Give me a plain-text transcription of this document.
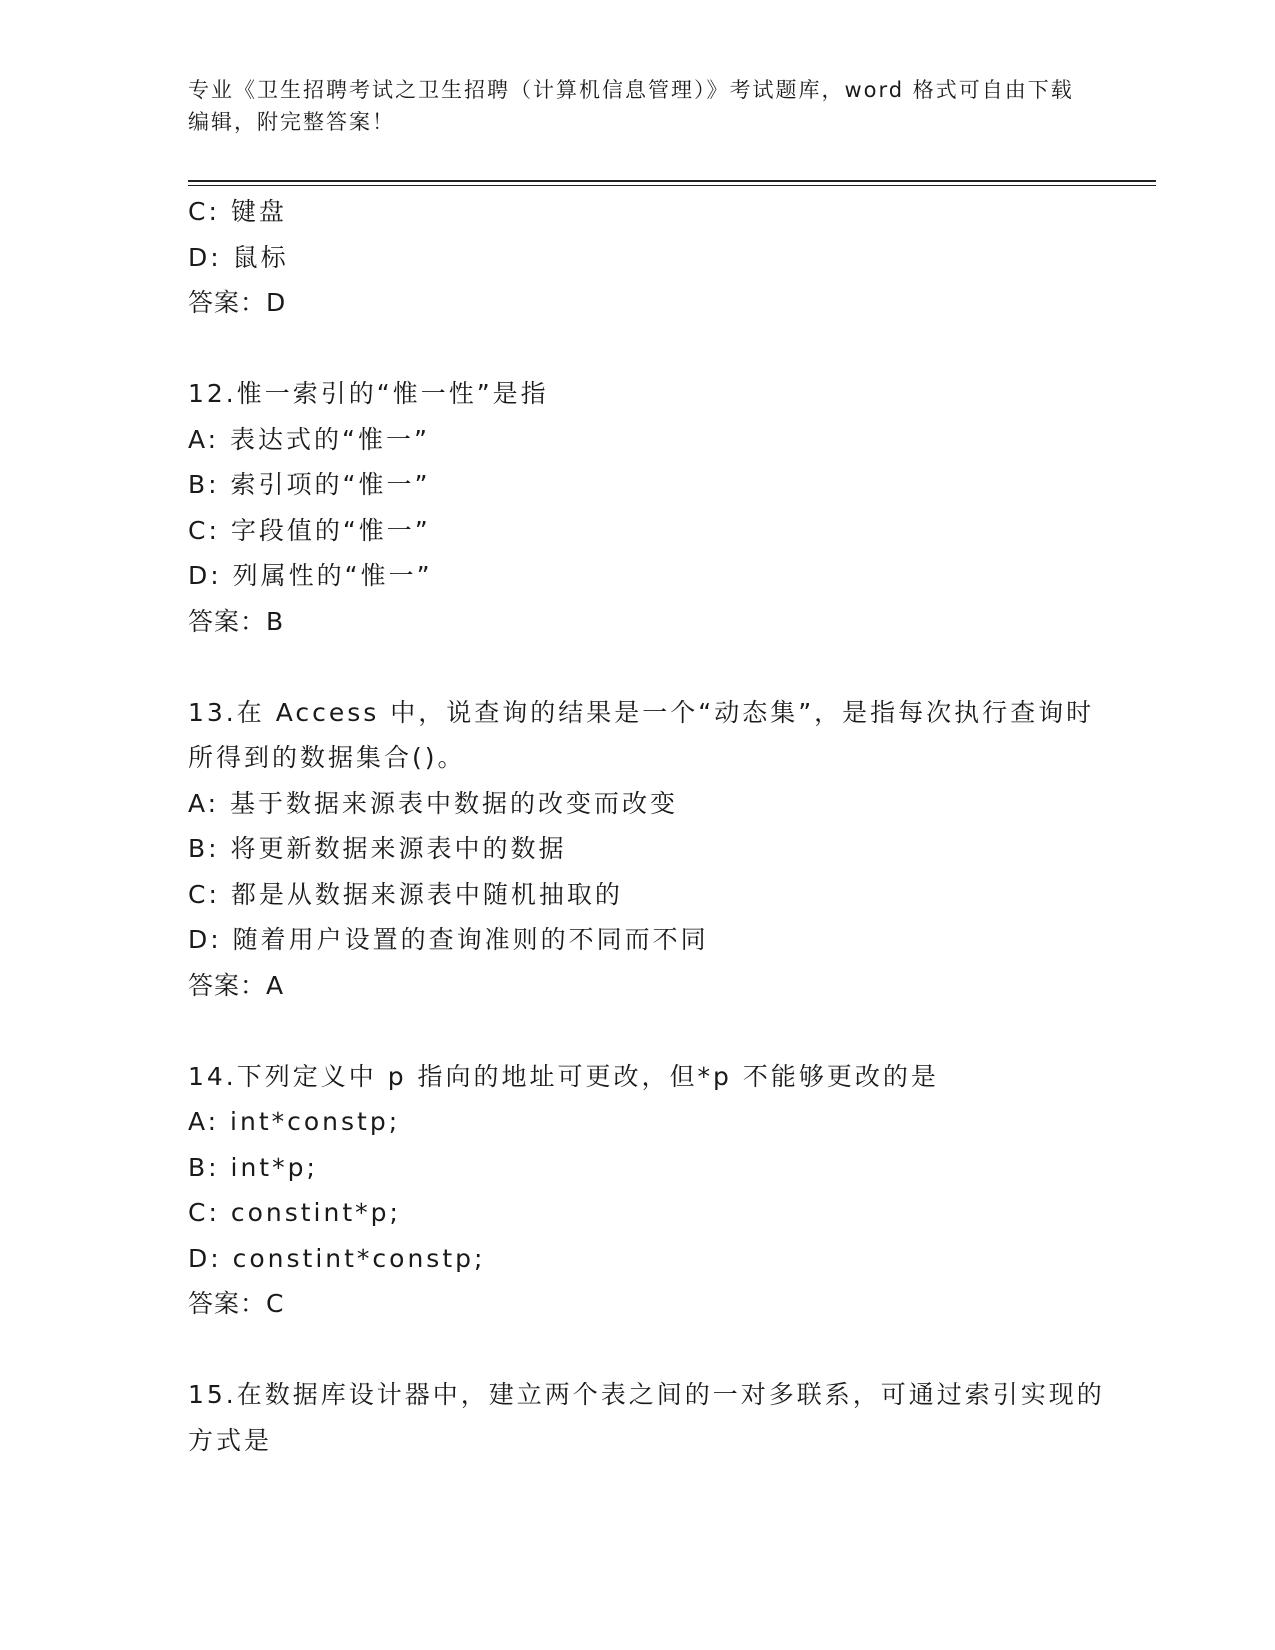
专业《卫生招聘考试之卫生招聘（计算机信息管理）》考试题库，word 格式可自由下载编辑，附完整答案！
C: 键盘
D: 鼠标
答案：D
12.惟一索引的“惟一性”是指
A: 表达式的“惟一”
B: 索引项的“惟一”
C: 字段值的“惟一”
D: 列属性的“惟一”
答案：B
13.在 Access 中，说查询的结果是一个“动态集”，是指每次执行查询时所得到的数据集合()。
A: 基于数据来源表中数据的改变而改变
B: 将更新数据来源表中的数据
C: 都是从数据来源表中随机抽取的
D: 随着用户设置的查询准则的不同而不同
答案：A
14.下列定义中 p 指向的地址可更改，但*p 不能够更改的是
A: int*constp;
B: int*p;
C: constint*p;
D: constint*constp;
答案：C
15.在数据库设计器中，建立两个表之间的一对多联系，可通过索引实现的方式是
